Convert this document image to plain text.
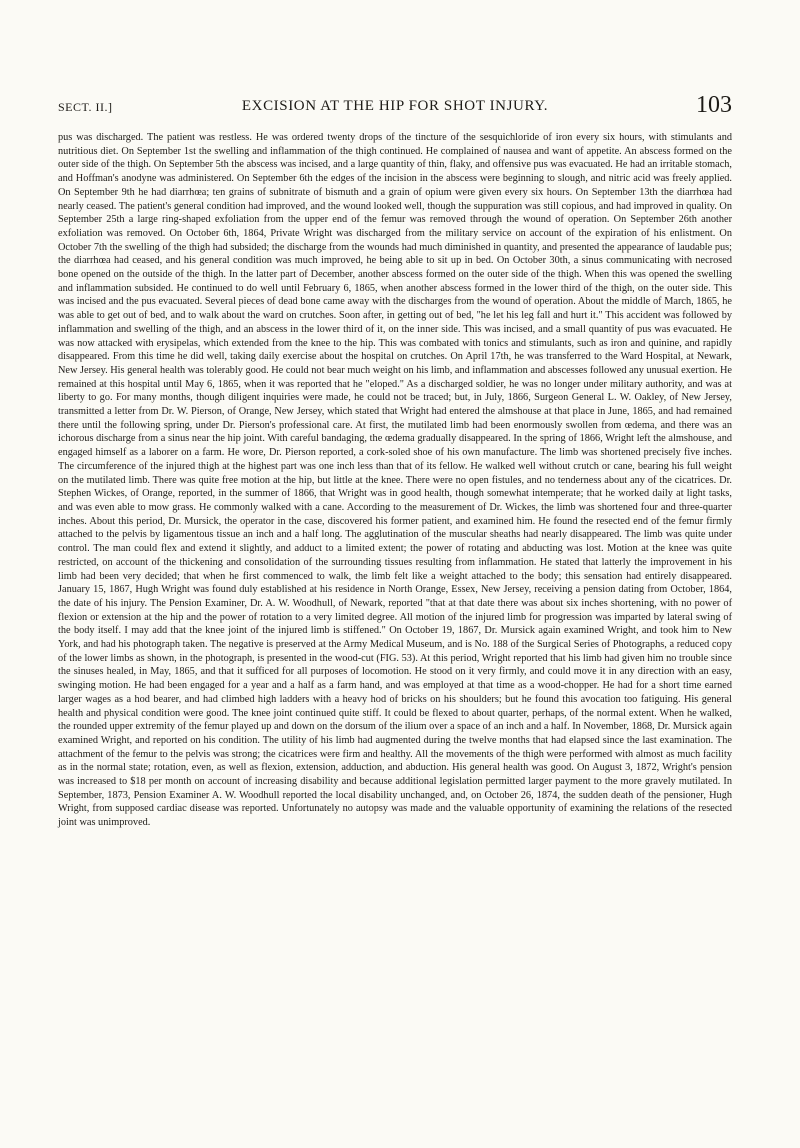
SECT. II.]	EXCISION AT THE HIP FOR SHOT INJURY.	103

pus was discharged. The patient was restless. He was ordered twenty drops of the tincture of the sesquichloride of iron every six hours, with stimulants and nutritious diet. On September 1st the swelling and inflammation of the thigh continued. He complained of nausea and want of appetite. An abscess formed on the outer side of the thigh. On September 5th the abscess was incised, and a large quantity of thin, flaky, and offensive pus was evacuated. He had an irritable stomach, and Hoffman's anodyne was administered. On September 6th the edges of the incision in the abscess were beginning to slough, and nitric acid was freely applied. On September 9th he had diarrhœa; ten grains of subnitrate of bismuth and a grain of opium were given every six hours. On September 13th the diarrhœa had nearly ceased. The patient's general condition had improved, and the wound looked well, though the suppuration was still copious, and had improved in quality. On September 25th a large ring-shaped exfoliation from the upper end of the femur was removed through the wound of operation. On September 26th another exfoliation was removed. On October 6th, 1864, Private Wright was discharged from the military service on account of the expiration of his enlistment. On October 7th the swelling of the thigh had subsided; the discharge from the wounds had much diminished in quantity, and presented the appearance of laudable pus; the diarrhœa had ceased, and his general condition was much improved, he being able to sit up in bed. On October 30th, a sinus communicating with necrosed bone opened on the outside of the thigh. In the latter part of December, another abscess formed on the outer side of the thigh. When this was opened the swelling and inflammation subsided. He continued to do well until February 6, 1865, when another abscess formed in the lower third of the thigh, on the outer side. This was incised and the pus evacuated. Several pieces of dead bone came away with the discharges from the wound of operation. About the middle of March, 1865, he was able to get out of bed, and to walk about the ward on crutches. Soon after, in getting out of bed, "he let his leg fall and hurt it." This accident was followed by inflammation and swelling of the thigh, and an abscess in the lower third of it, on the inner side. This was incised, and a small quantity of pus was evacuated. He was now attacked with erysipelas, which extended from the knee to the hip. This was combated with tonics and stimulants, such as iron and quinine, and rapidly disappeared. From this time he did well, taking daily exercise about the hospital on crutches. On April 17th, he was transferred to the Ward Hospital, at Newark, New Jersey. His general health was tolerably good. He could not bear much weight on his limb, and inflammation and abscesses followed any unusual exertion. He remained at this hospital until May 6, 1865, when it was reported that he "eloped." As a discharged soldier, he was no longer under military authority, and was at liberty to go. For many months, though diligent inquiries were made, he could not be traced; but, in July, 1866, Surgeon General L. W. Oakley, of New Jersey, transmitted a letter from Dr. W. Pierson, of Orange, New Jersey, which stated that Wright had entered the almshouse at that place in June, 1865, and had remained there until the following spring, under Dr. Pierson's professional care. At first, the mutilated limb had been enormously swollen from œdema, and there was an ichorous discharge from a sinus near the hip joint. With careful bandaging, the œdema gradually disappeared. In the spring of 1866, Wright left the almshouse, and engaged himself as a laborer on a farm. He wore, Dr. Pierson reported, a cork-soled shoe of his own manufacture. The limb was shortened precisely five inches. The circumference of the injured thigh at the highest part was one inch less than that of its fellow. He walked well without crutch or cane, bearing his full weight on the mutilated limb. There was quite free motion at the hip, but little at the knee. There were no open fistules, and no tenderness about any of the cicatrices. Dr. Stephen Wickes, of Orange, reported, in the summer of 1866, that Wright was in good health, though somewhat intemperate; that he worked daily at light tasks, and was even able to mow grass. He commonly walked with a cane. According to the measurement of Dr. Wickes, the limb was shortened four and three-quarter inches. About this period, Dr. Mursick, the operator in the case, discovered his former patient, and examined him. He found the resected end of the femur firmly attached to the pelvis by ligamentous tissue an inch and a half long. The agglutination of the muscular sheaths had nearly disappeared. The limb was quite under control. The man could flex and extend it slightly, and adduct to a limited extent; the power of rotating and abducting was lost. Motion at the knee was quite restricted, on account of the thickening and consolidation of the surrounding tissues resulting from inflammation. He stated that latterly the improvement in his limb had been very decided; that when he first commenced to walk, the limb felt like a weight attached to the body; this sensation had entirely disappeared. January 15, 1867, Hugh Wright was found duly established at his residence in North Orange, Essex, New Jersey, receiving a pension dating from October, 1864, the date of his injury. The Pension Examiner, Dr. A. W. Woodhull, of Newark, reported "that at that date there was about six inches shortening, with no power of flexion or extension at the hip and the power of rotation to a very limited degree. All motion of the injured limb for progression was imparted by lateral swing of the body itself. I may add that the knee joint of the injured limb is stiffened." On October 19, 1867, Dr. Mursick again examined Wright, and took him to New York, and had his photograph taken. The negative is preserved at the Army Medical Museum, and is No. 188 of the Surgical Series of Photographs, a reduced copy of the lower limbs as shown, in the photograph, is presented in the wood-cut (FIG. 53). At this period, Wright reported that his limb had given him no trouble since the sinuses healed, in May, 1865, and that it sufficed for all purposes of locomotion. He stood on it very firmly, and could move it in any direction with an easy, swinging motion. He had been engaged for a year and a half as a farm hand, and was employed at that time as a wood-chopper. He had for a short time earned larger wages as a hod bearer, and had climbed high ladders with a heavy hod of bricks on his shoulders; but he found this avocation too fatiguing. His general health and physical condition were good. The knee joint continued quite stiff. It could be flexed to about quarter, perhaps, of the normal extent. When he walked, the rounded upper extremity of the femur played up and down on the dorsum of the ilium over a space of an inch and a half. In November, 1868, Dr. Mursick again examined Wright, and reported on his condition. The utility of his limb had augmented during the twelve months that had elapsed since the last examination. The attachment of the femur to the pelvis was strong; the cicatrices were firm and healthy. All the movements of the thigh were performed with almost as much facility as in the normal state; rotation, even, as well as flexion, extension, adduction, and abduction. His general health was good. On August 3, 1872, Wright's pension was increased to $18 per month on account of increasing disability and because additional legislation permitted larger payment to the more gravely mutilated. In September, 1873, Pension Examiner A. W. Woodhull reported the local disability unchanged, and, on October 26, 1874, the sudden death of the pensioner, Hugh Wright, from supposed cardiac disease was reported. Unfortunately no autopsy was made and the valuable opportunity of examining the relations of the resected joint was unimproved.
